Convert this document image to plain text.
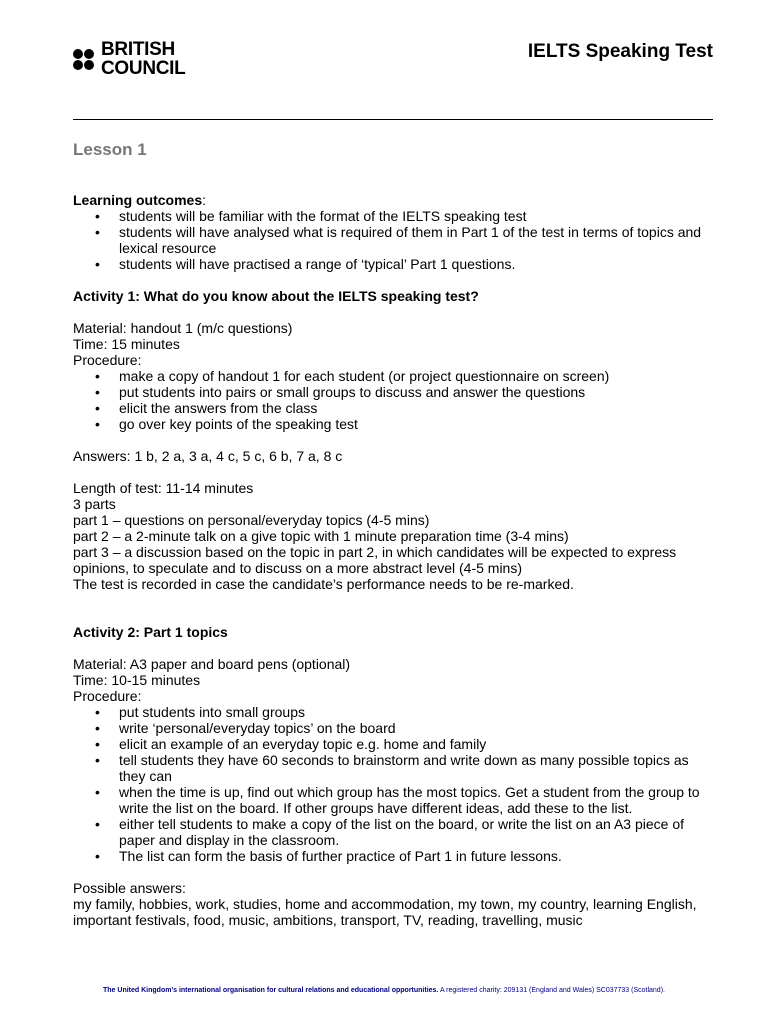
BRITISH
COUNCIL
IELTS Speaking Test
Lesson 1

Learning outcomes:

• students will be familiar with the format of the IELTS speaking test
• students will have analysed what is required of them in Part 1 of the test in terms of topics and lexical resource
• students will have practised a range of ‘typical’ Part 1 questions.

Activity 1: What do you know about the IELTS speaking test?

Material: handout 1 (m/c questions)

Time: 15 minutes

Procedure:

• make a copy of handout 1 for each student (or project questionnaire on screen)
• put students into pairs or small groups to discuss and answer the questions
• elicit the answers from the class
• go over key points of the speaking test

Answers: 1 b, 2 a, 3 a, 4 c, 5 c, 6 b, 7 a, 8 c

Length of test: 11-14 minutes

3 parts

part 1 – questions on personal/everyday topics (4-5 mins)

part 2 – a 2-minute talk on a give topic with 1 minute preparation time (3-4 mins)

part 3 – a discussion based on the topic in part 2, in which candidates will be expected to express opinions, to speculate and to discuss on a more abstract level (4-5 mins)

The test is recorded in case the candidate’s performance needs to be re-marked.

Activity 2: Part 1 topics

Material: A3 paper and board pens (optional)

Time: 10-15 minutes

Procedure:

• put students into small groups
• write ‘personal/everyday topics’ on the board
• elicit an example of an everyday topic e.g. home and family
• tell students they have 60 seconds to brainstorm and write down as many possible topics as they can
• when the time is up, find out which group has the most topics. Get a student from the group to write the list on the board. If other groups have different ideas, add these to the list.
• either tell students to make a copy of the list on the board, or write the list on an A3 piece of paper and display in the classroom.
• The list can form the basis of further practice of Part 1 in future lessons.

Possible answers:

my family, hobbies, work, studies, home and accommodation, my town, my country, learning English, important festivals, food, music, ambitions, transport, TV, reading, travelling, music

The United Kingdom’s international organisation for cultural relations and educational opportunities. A registered charity: 209131 (England and Wales) SC037733 (Scotland).
